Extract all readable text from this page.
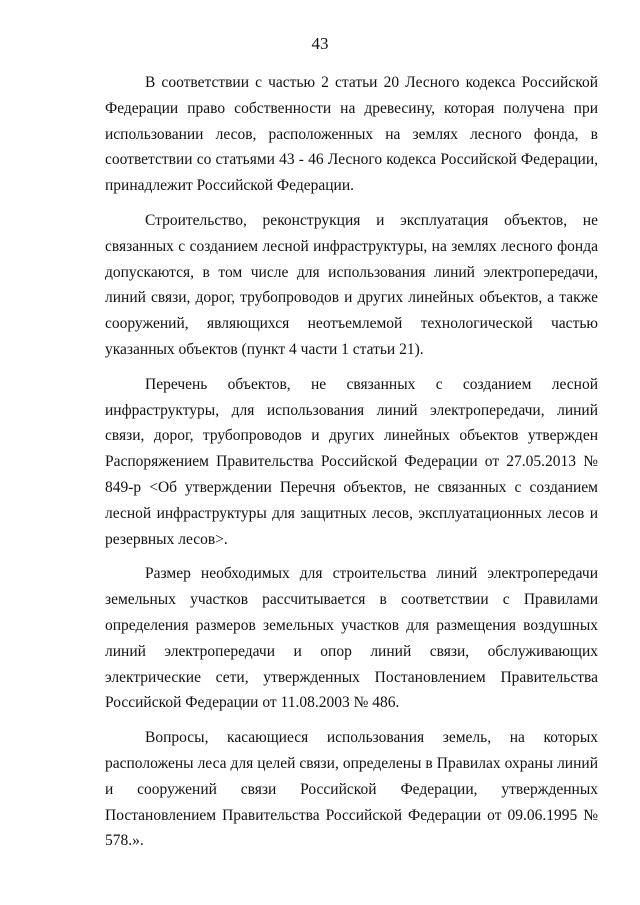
43

В соответствии с частью 2 статьи 20 Лесного кодекса Российской Федерации право собственности на древесину, которая получена при использовании лесов, расположенных на землях лесного фонда, в соответствии со статьями 43 - 46 Лесного кодекса Российской Федерации, принадлежит Российской Федерации.

Строительство, реконструкция и эксплуатация объектов, не связанных с созданием лесной инфраструктуры, на землях лесного фонда допускаются, в том числе для использования линий электропередачи, линий связи, дорог, трубопроводов и других линейных объектов, а также сооружений, являющихся неотъемлемой технологической частью указанных объектов (пункт 4 части 1 статьи 21).

Перечень объектов, не связанных с созданием лесной инфраструктуры, для использования линий электропередачи, линий связи, дорог, трубопроводов и других линейных объектов утвержден Распоряжением Правительства Российской Федерации от 27.05.2013 № 849-р <Об утверждении Перечня объектов, не связанных с созданием лесной инфраструктуры для защитных лесов, эксплуатационных лесов и резервных лесов>.

Размер необходимых для строительства линий электропередачи земельных участков рассчитывается в соответствии с Правилами определения размеров земельных участков для размещения воздушных линий электропередачи и опор линий связи, обслуживающих электрические сети, утвержденных Постановлением Правительства Российской Федерации от 11.08.2003 № 486.

Вопросы, касающиеся использования земель, на которых расположены леса для целей связи, определены в Правилах охраны линий и сооружений связи Российской Федерации, утвержденных Постановлением Правительства Российской Федерации от 09.06.1995 № 578.».
